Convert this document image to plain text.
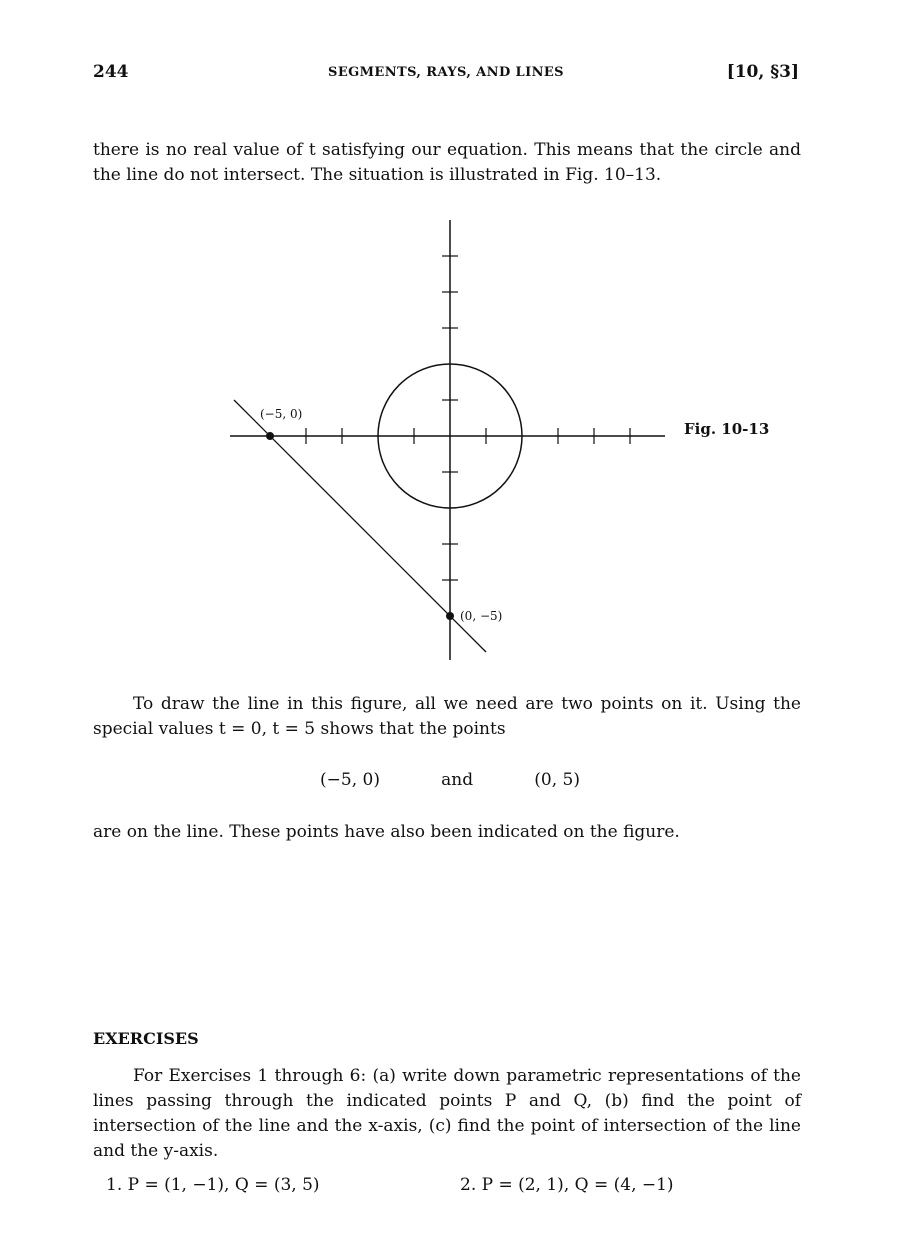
244	SEGMENTS, RAYS, AND LINES	[10, §3]
there is no real value of t satisfying our equation. This means that the circle and the line do not intersect. The situation is illustrated in Fig. 10–13.
(−5, 0)
(0, −5)
Fig. 10-13
To draw the line in this figure, all we need are two points on it. Using the special values t = 0, t = 5 shows that the points
(−5, 0)	and	(0, 5)
are on the line. These points have also been indicated on the figure.
EXERCISES
For Exercises 1 through 6: (a) write down parametric representations of the lines passing through the indicated points P and Q, (b) find the point of intersection of the line and the x-axis, (c) find the point of intersection of the line and the y-axis.
1. P = (1, −1), Q = (3, 5)	2. P = (2, 1), Q = (4, −1)
